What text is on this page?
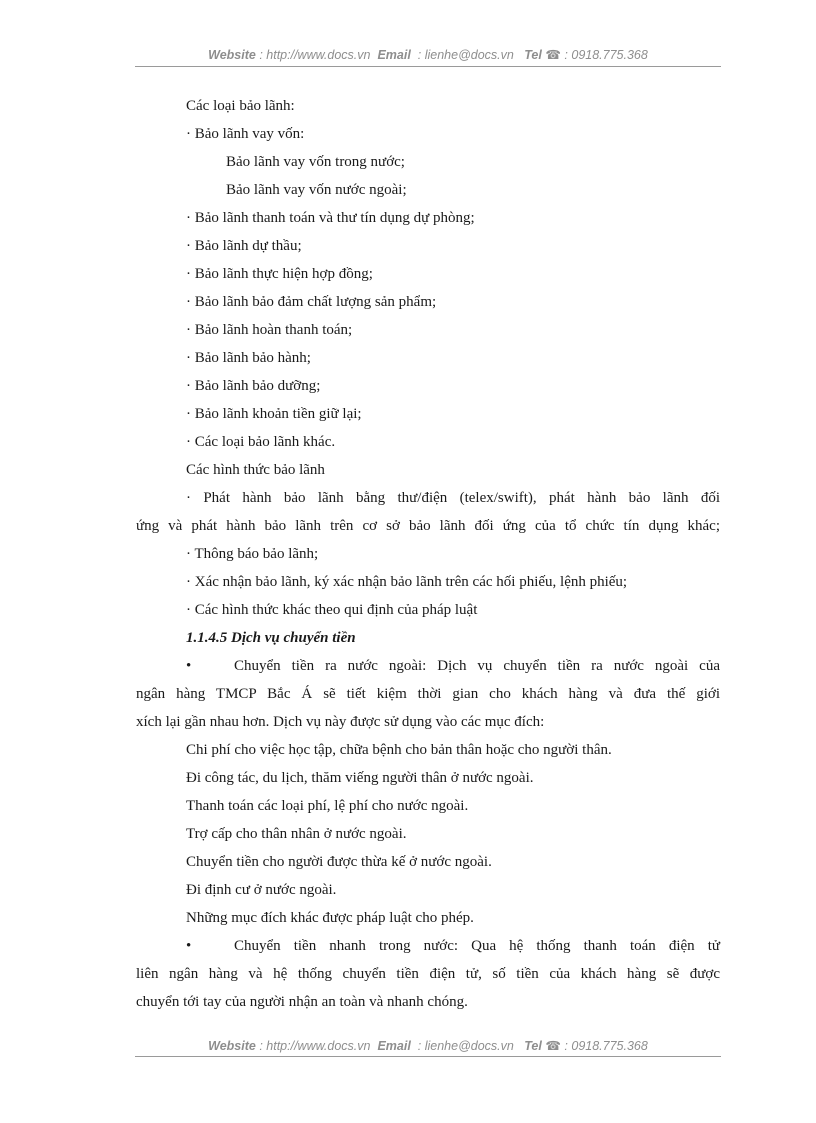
Website : http://www.docs.vn Email : lienhe@docs.vn Tel ☎ : 0918.775.368
Các loại bảo lãnh:
· Bảo lãnh vay vốn:
Bảo lãnh vay vốn trong nước;
Bảo lãnh vay vốn nước ngoài;
· Bảo lãnh thanh toán và thư tín dụng dự phòng;
· Bảo lãnh dự thầu;
· Bảo lãnh thực hiện hợp đồng;
· Bảo lãnh bảo đảm chất lượng sản phẩm;
· Bảo lãnh hoàn thanh toán;
· Bảo lãnh bảo hành;
· Bảo lãnh bảo dưỡng;
· Bảo lãnh khoản tiền giữ lại;
· Các loại bảo lãnh khác.
Các hình thức bảo lãnh
· Phát hành bảo lãnh bằng thư/điện (telex/swift), phát hành bảo lãnh đối
ứng và phát hành bảo lãnh trên cơ sở bảo lãnh đối ứng của tổ chức tín dụng khác;
· Thông báo bảo lãnh;
· Xác nhận bảo lãnh, ký xác nhận bảo lãnh trên các hối phiếu, lệnh phiếu;
· Các hình thức khác theo qui định của pháp luật
1.1.4.5 Dịch vụ chuyển tiền
•	Chuyển tiền ra nước ngoài: Dịch vụ chuyển tiền ra nước ngoài của
ngân hàng TMCP Bắc Á sẽ tiết kiệm thời gian cho khách hàng và đưa thế giới
xích lại gần nhau hơn. Dịch vụ này được sử dụng vào các mục đích:
Chi phí cho việc học tập, chữa bệnh cho bản thân hoặc cho người thân.
Đi công tác, du lịch, thăm viếng người thân ở nước ngoài.
Thanh toán các loại phí, lệ phí cho nước ngoài.
Trợ cấp cho thân nhân ở nước ngoài.
Chuyển tiền cho người được thừa kế ở nước ngoài.
Đi định cư ở nước ngoài.
Những mục đích khác được pháp luật cho phép.
•	Chuyển tiền nhanh trong nước: Qua hệ thống thanh toán điện tử
liên ngân hàng và hệ thống chuyển tiền điện tử, số tiền của khách hàng sẽ được
chuyển tới tay của người nhận an toàn và nhanh chóng.
Website : http://www.docs.vn Email : lienhe@docs.vn Tel ☎ : 0918.775.368
